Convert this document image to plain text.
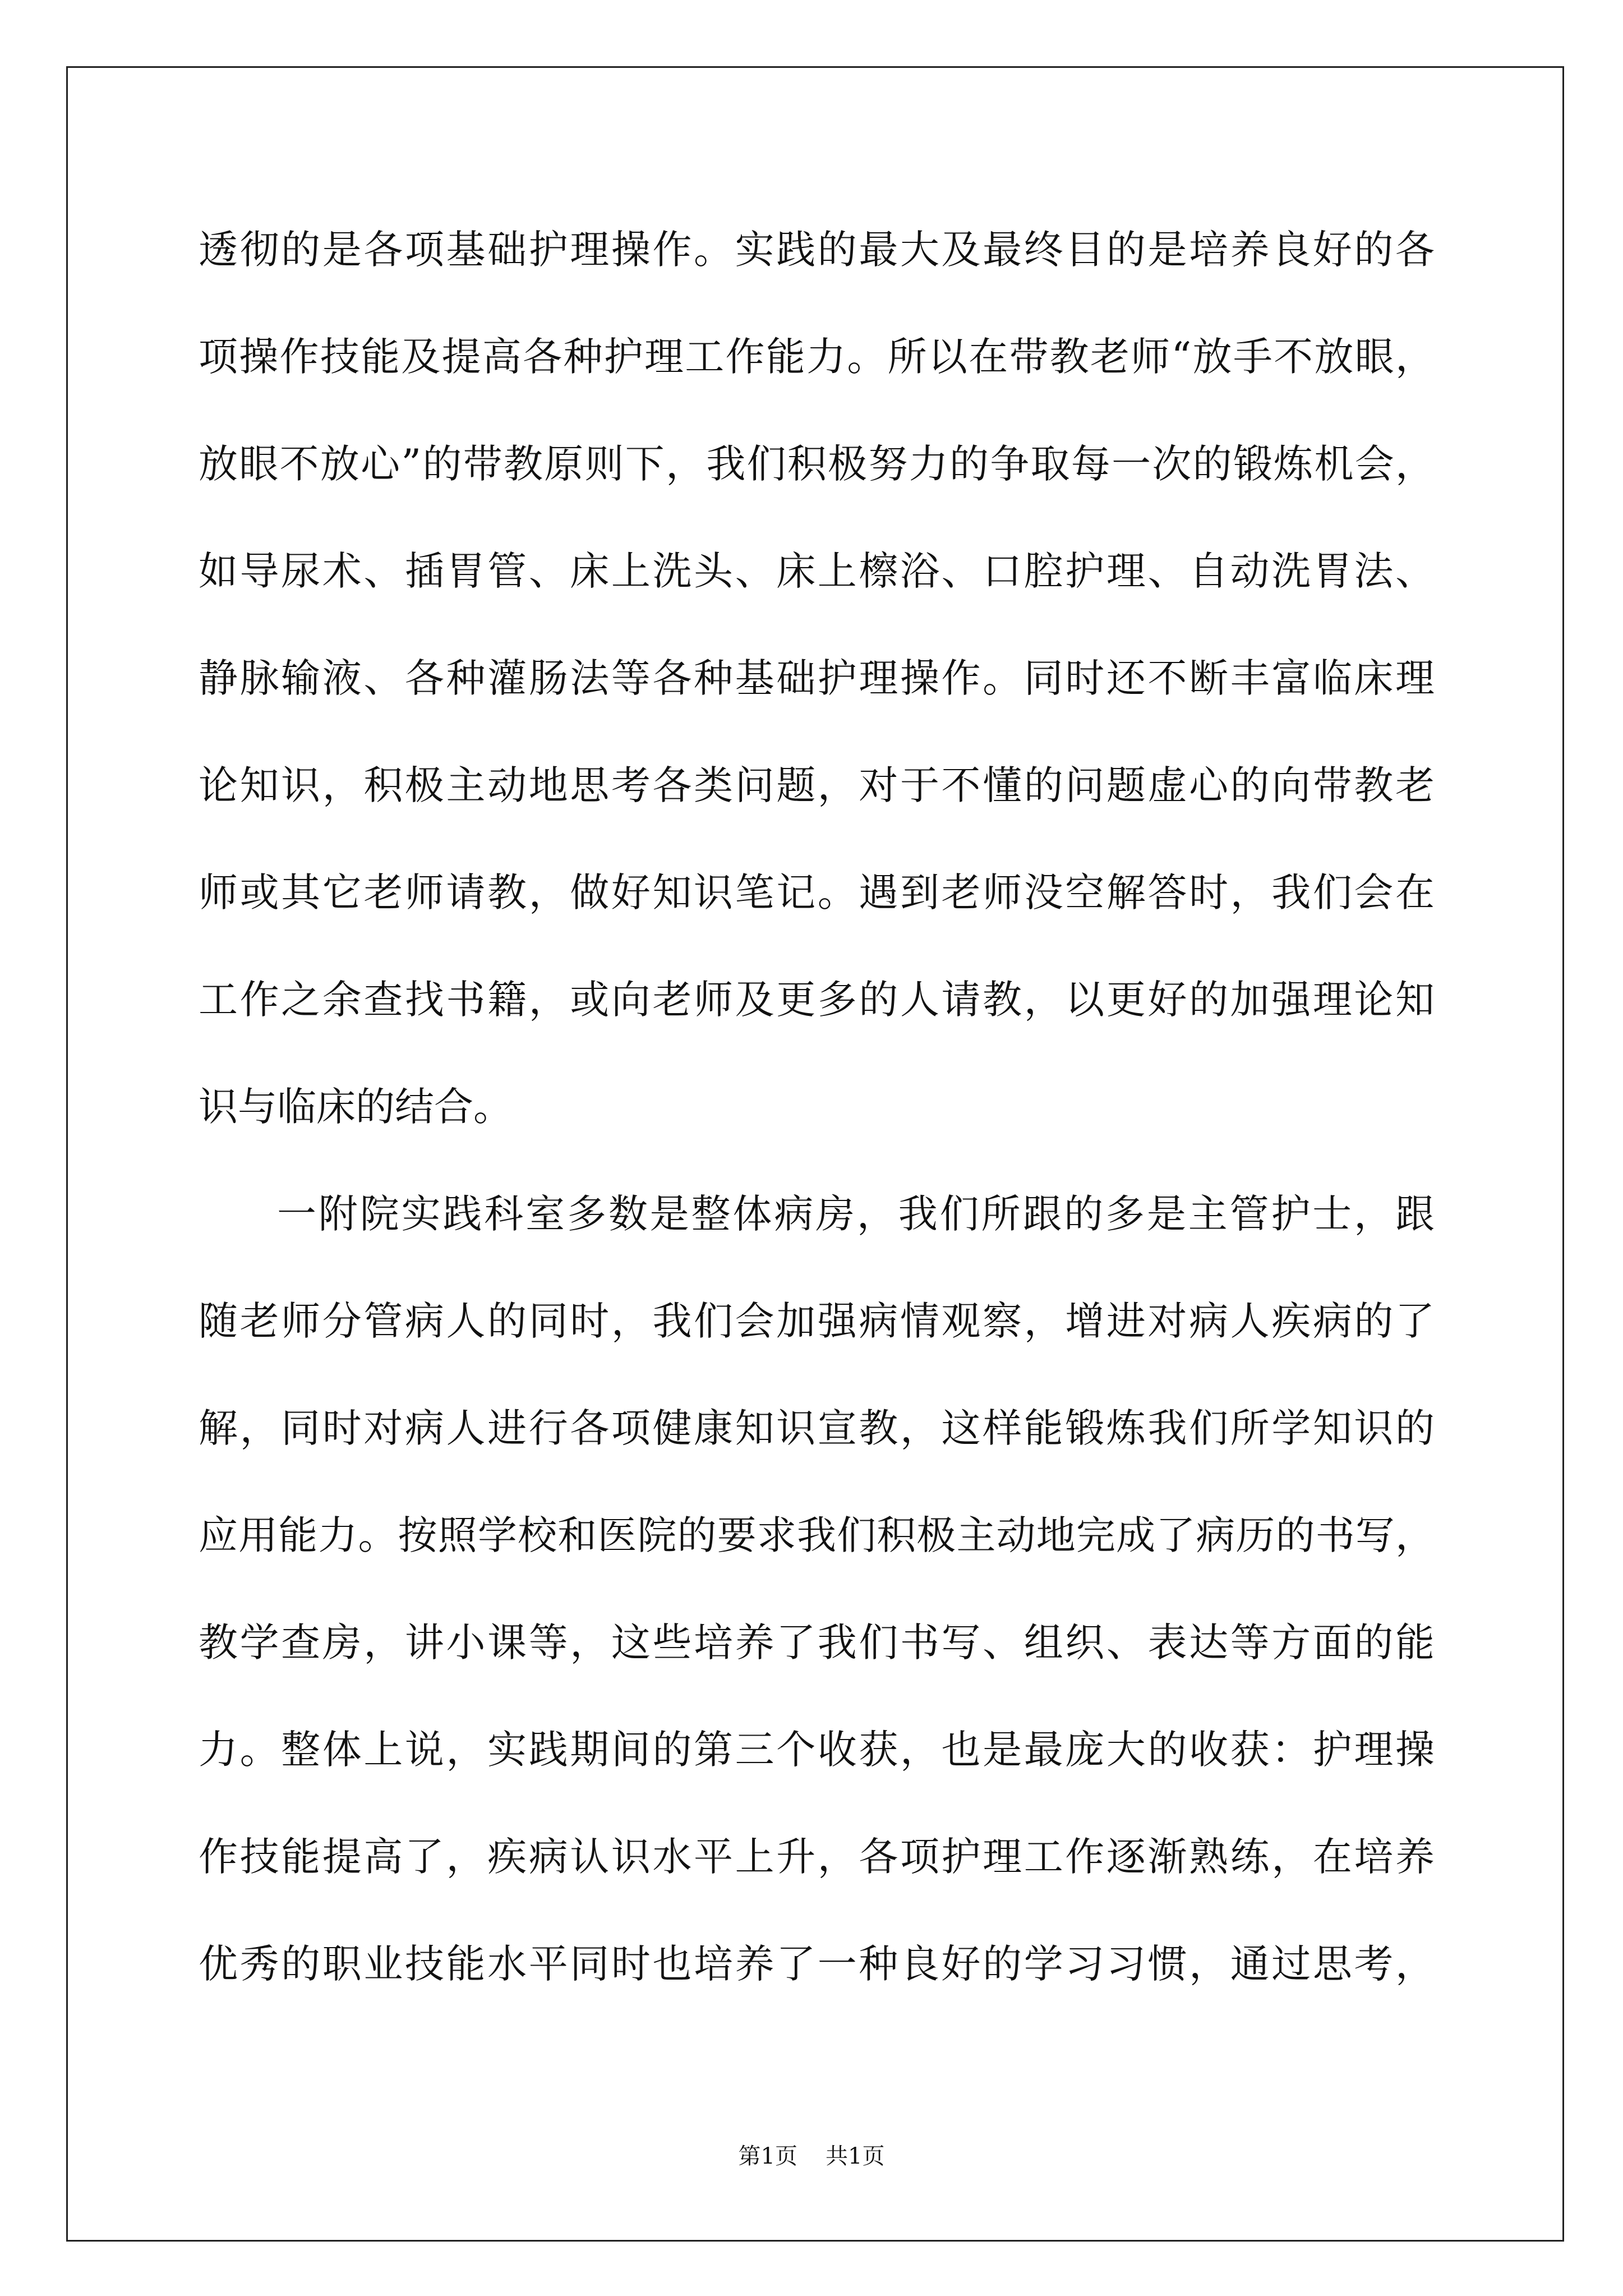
透彻的是各项基础护理操作。实践的最大及最终目的是培养良好的各
项操作技能及提高各种护理工作能力。所以在带教老师“放手不放眼，
放眼不放心”的带教原则下，我们积极努力的争取每一次的锻炼机会，
如导尿术、插胃管、床上洗头、床上檫浴、口腔护理、自动洗胃法、
静脉输液、各种灌肠法等各种基础护理操作。同时还不断丰富临床理
论知识，积极主动地思考各类问题，对于不懂的问题虚心的向带教老
师或其它老师请教，做好知识笔记。遇到老师没空解答时，我们会在
工作之余查找书籍，或向老师及更多的人请教，以更好的加强理论知
识与临床的结合。
一附院实践科室多数是整体病房，我们所跟的多是主管护士，跟
随老师分管病人的同时，我们会加强病情观察，增进对病人疾病的了
解，同时对病人进行各项健康知识宣教，这样能锻炼我们所学知识的
应用能力。按照学校和医院的要求我们积极主动地完成了病历的书写，
教学查房，讲小课等，这些培养了我们书写、组织、表达等方面的能
力。整体上说，实践期间的第三个收获，也是最庞大的收获：护理操
作技能提高了，疾病认识水平上升，各项护理工作逐渐熟练，在培养
优秀的职业技能水平同时也培养了一种良好的学习习惯，通过思考，
第1页 共1页
